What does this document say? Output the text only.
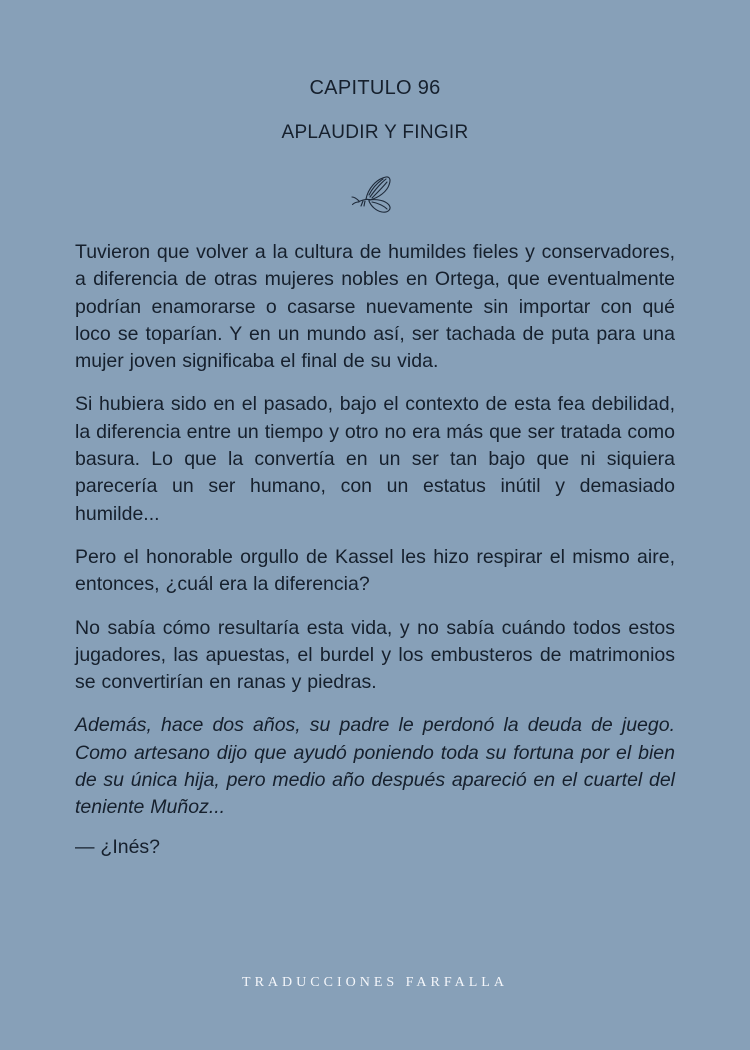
CAPITULO 96
APLAUDIR Y FINGIR

Tuvieron que volver a la cultura de humildes fieles y conservadores, a diferencia de otras mujeres nobles en Ortega, que eventualmente podrían enamorarse o casarse nuevamente sin importar con qué loco se toparían. Y en un mundo así, ser tachada de puta para una mujer joven significaba el final de su vida.

Si hubiera sido en el pasado, bajo el contexto de esta fea debilidad, la diferencia entre un tiempo y otro no era más que ser tratada como basura. Lo que la convertía en un ser tan bajo que ni siquiera parecería un ser humano, con un estatus inútil y demasiado humilde...

Pero el honorable orgullo de Kassel les hizo respirar el mismo aire, entonces, ¿cuál era la diferencia?

No sabía cómo resultaría esta vida, y no sabía cuándo todos estos jugadores, las apuestas, el burdel y los embusteros de matrimonios se convertirían en ranas y piedras.

Además, hace dos años, su padre le perdonó la deuda de juego. Como artesano dijo que ayudó poniendo toda su fortuna por el bien de su única hija, pero medio año después apareció en el cuartel del teniente Muñoz...

— ¿Inés?

TRADUCCIONES FARFALLA
